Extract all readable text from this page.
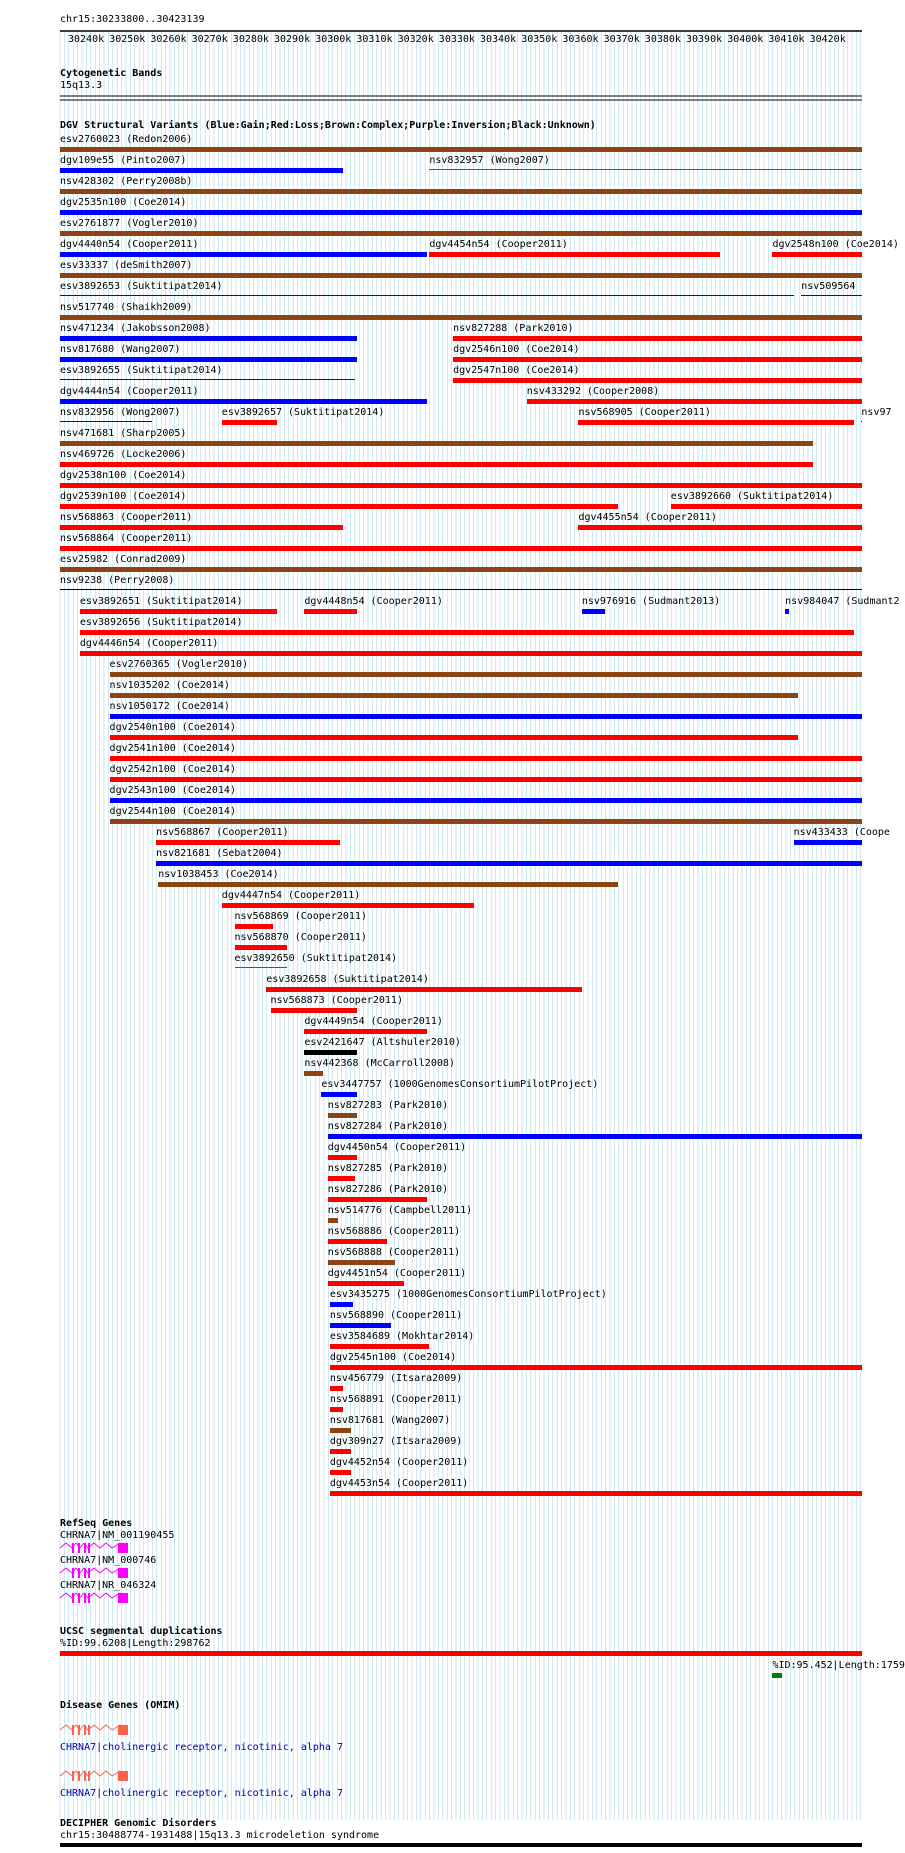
chr15:30233800..30423139
30240k 30250k 30260k 30270k 30280k 30290k 30300k 30310k 30320k 30330k 30340k 30350k 30360k 30370k 30380k 30390k 30400k 30410k 30420k
Cytogenetic Bands
15q13.3
DGV Structural Variants (Blue:Gain;Red:Loss;Brown:Complex;Purple:Inversion;Black:Unknown)
esv2760023 (Redon2006)
dgv109e55 (Pinto2007)	nsv832957 (Wong2007)
nsv428302 (Perry2008b)
dgv2535n100 (Coe2014)
esv2761877 (Vogler2010)
dgv4440n54 (Cooper2011)	dgv4454n54 (Cooper2011)	dgv2548n100 (Coe2014)
esv33337 (deSmith2007)
esv3892653 (Suktitipat2014)	nsv509564
nsv517740 (Shaikh2009)
nsv471234 (Jakobsson2008)	nsv827288 (Park2010)
nsv817680 (Wang2007)	dgv2546n100 (Coe2014)
esv3892655 (Suktitipat2014)	dgv2547n100 (Coe2014)
dgv4444n54 (Cooper2011)	nsv433292 (Cooper2008)
nsv832956 (Wong2007)	esv3892657 (Suktitipat2014)	nsv568905 (Cooper2011)	nsv97
nsv471681 (Sharp2005)
nsv469726 (Locke2006)
dgv2538n100 (Coe2014)
dgv2539n100 (Coe2014)	esv3892660 (Suktitipat2014)
nsv568863 (Cooper2011)	dgv4455n54 (Cooper2011)
nsv568864 (Cooper2011)
esv25982 (Conrad2009)
nsv9238 (Perry2008)
esv3892651 (Suktitipat2014)	dgv4448n54 (Cooper2011)	nsv976916 (Sudmant2013)	nsv984047 (Sudmant2
esv3892656 (Suktitipat2014)
dgv4446n54 (Cooper2011)
esv2760365 (Vogler2010)
nsv1035202 (Coe2014)
nsv1050172 (Coe2014)
dgv2540n100 (Coe2014)
dgv2541n100 (Coe2014)
dgv2542n100 (Coe2014)
dgv2543n100 (Coe2014)
dgv2544n100 (Coe2014)
nsv568867 (Cooper2011)	nsv433433 (Coope
nsv821681 (Sebat2004)
nsv1038453 (Coe2014)
dgv4447n54 (Cooper2011)
nsv568869 (Cooper2011)
nsv568870 (Cooper2011)
esv3892650 (Suktitipat2014)
esv3892658 (Suktitipat2014)
nsv568873 (Cooper2011)
dgv4449n54 (Cooper2011)
esv2421647 (Altshuler2010)
nsv442368 (McCarroll2008)
esv3447757 (1000GenomesConsortiumPilotProject)
nsv827283 (Park2010)
nsv827284 (Park2010)
dgv4450n54 (Cooper2011)
nsv827285 (Park2010)
nsv827286 (Park2010)
nsv514776 (Campbell2011)
nsv568886 (Cooper2011)
nsv568888 (Cooper2011)
dgv4451n54 (Cooper2011)
esv3435275 (1000GenomesConsortiumPilotProject)
nsv568890 (Cooper2011)
esv3584689 (Mokhtar2014)
dgv2545n100 (Coe2014)
nsv456779 (Itsara2009)
nsv568891 (Cooper2011)
nsv817681 (Wang2007)
dgv309n27 (Itsara2009)
dgv4452n54 (Cooper2011)
dgv4453n54 (Cooper2011)
RefSeq Genes
CHRNA7|NM_001190455
CHRNA7|NM_000746
CHRNA7|NR_046324
UCSC segmental duplications
%ID:99.6208|Length:298762
%ID:95.452|Length:1759
Disease Genes (OMIM)
CHRNA7|cholinergic receptor, nicotinic, alpha 7
CHRNA7|cholinergic receptor, nicotinic, alpha 7
DECIPHER Genomic Disorders
chr15:30488774-1931488|15q13.3 microdeletion syndrome
